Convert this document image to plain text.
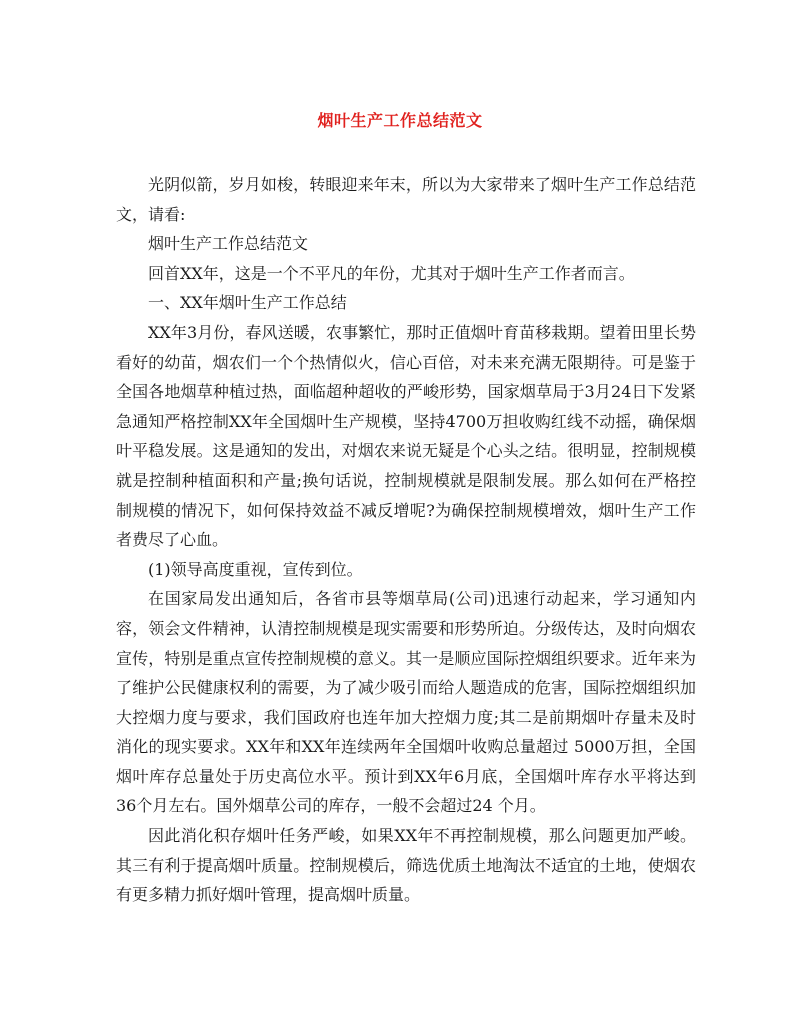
烟叶生产工作总结范文

光阴似箭，岁月如梭，转眼迎来年末，所以为大家带来了烟叶生产工作总结范文，请看:

烟叶生产工作总结范文

回首XX年，这是一个不平凡的年份，尤其对于烟叶生产工作者而言。

一、XX年烟叶生产工作总结

XX年3月份，春风送暖，农事繁忙，那时正值烟叶育苗移栽期。望着田里长势看好的幼苗，烟农们一个个热情似火，信心百倍，对未来充满无限期待。可是鉴于全国各地烟草种植过热，面临超种超收的严峻形势，国家烟草局于3月24日下发紧急通知严格控制XX年全国烟叶生产规模，坚持4700万担收购红线不动摇，确保烟叶平稳发展。这是通知的发出，对烟农来说无疑是个心头之结。很明显，控制规模就是控制种植面积和产量;换句话说，控制规模就是限制发展。那么如何在严格控制规模的情况下，如何保持效益不减反增呢?为确保控制规模增效，烟叶生产工作者费尽了心血。

(1)领导高度重视，宣传到位。

在国家局发出通知后，各省市县等烟草局(公司)迅速行动起来，学习通知内容，领会文件精神，认清控制规模是现实需要和形势所迫。分级传达，及时向烟农宣传，特别是重点宣传控制规模的意义。其一是顺应国际控烟组织要求。近年来为了维护公民健康权利的需要，为了减少吸引而给人题造成的危害，国际控烟组织加大控烟力度与要求，我们国政府也连年加大控烟力度;其二是前期烟叶存量未及时消化的现实要求。XX年和XX年连续两年全国烟叶收购总量超过 5000万担，全国烟叶库存总量处于历史高位水平。预计到XX年6月底，全国烟叶库存水平将达到36个月左右。国外烟草公司的库存，一般不会超过24 个月。

因此消化积存烟叶任务严峻，如果XX年不再控制规模，那么问题更加严峻。其三有利于提高烟叶质量。控制规模后，筛选优质土地淘汰不适宜的土地，使烟农有更多精力抓好烟叶管理，提高烟叶质量。
